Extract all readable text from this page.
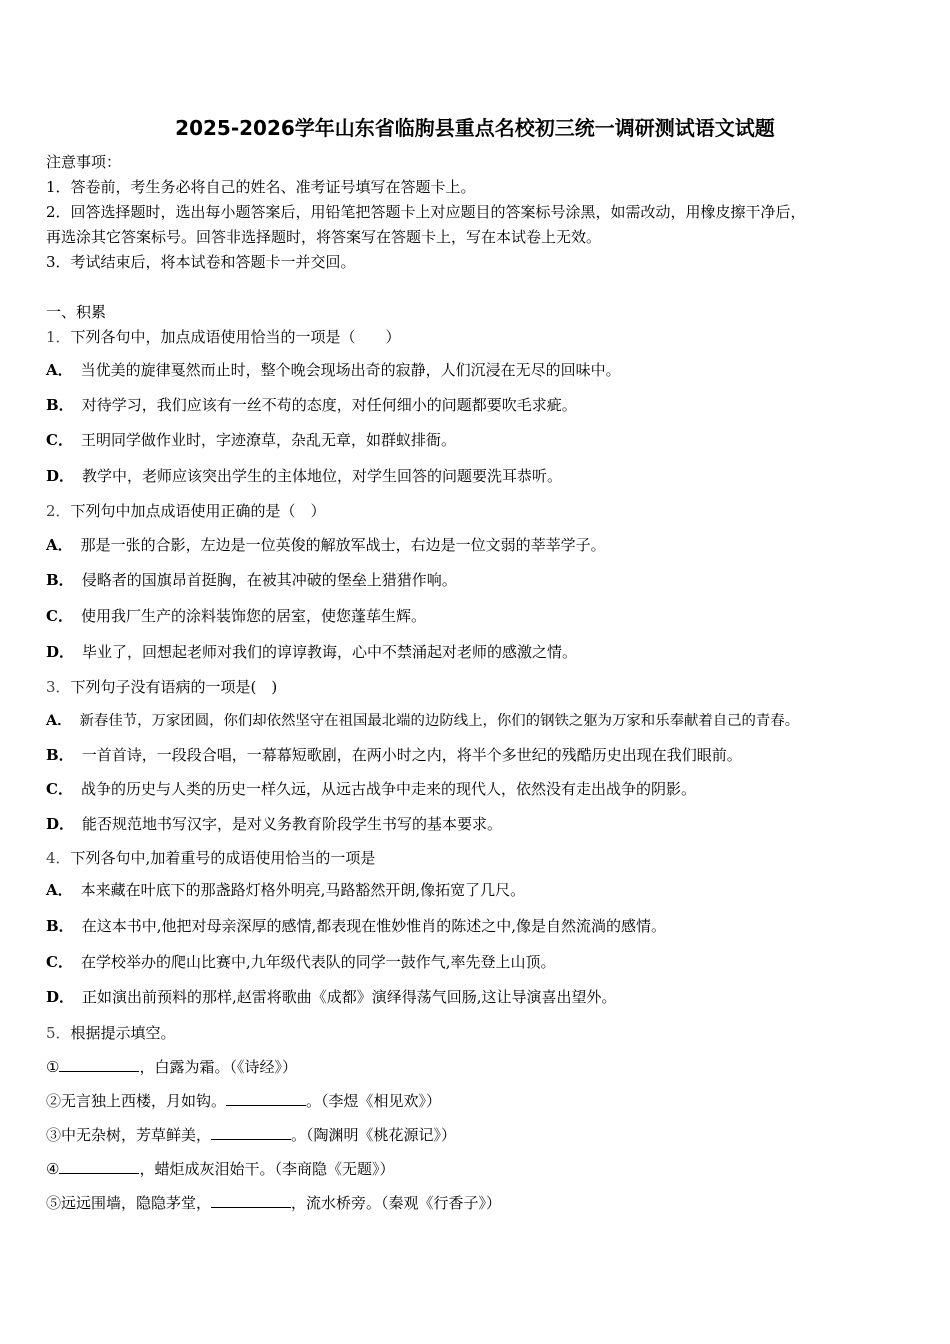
2025-2026学年山东省临朐县重点名校初三统一调研测试语文试题
注意事项：
1．答卷前，考生务必将自己的姓名、准考证号填写在答题卡上。
2．回答选择题时，选出每小题答案后，用铅笔把答题卡上对应题目的答案标号涂黑，如需改动，用橡皮擦干净后，
再选涂其它答案标号。回答非选择题时，将答案写在答题卡上，写在本试卷上无效。
3．考试结束后，将本试卷和答题卡一并交回。
一、积累
1．下列各句中，加点成语使用恰当的一项是（　　）
A． 当优美的旋律戛然而止时，整个晚会现场出奇的寂静，人们沉浸在无尽的回味中。
B． 对待学习，我们应该有一丝不苟的态度，对任何细小的问题都要吹毛求疵。
C． 王明同学做作业时，字迹潦草，杂乱无章，如群蚁排衙。
D． 教学中，老师应该突出学生的主体地位，对学生回答的问题要洗耳恭听。
2．下列句中加点成语使用正确的是（　）
A． 那是一张的合影，左边是一位英俊的解放军战士，右边是一位文弱的莘莘学子。
B． 侵略者的国旗昂首挺胸，在被其冲破的堡垒上猎猎作响。
C． 使用我厂生产的涂料装饰您的居室，使您蓬荜生辉。
D． 毕业了，回想起老师对我们的谆谆教诲，心中不禁涌起对老师的感激之情。
3．下列句子没有语病的一项是(　)
A． 新春佳节，万家团圆，你们却依然坚守在祖国最北端的边防线上，你们的钢铁之躯为万家和乐奉献着自己的青春。
B． 一首首诗，一段段合唱，一幕幕短歌剧，在两小时之内，将半个多世纪的残酷历史出现在我们眼前。
C． 战争的历史与人类的历史一样久远，从远古战争中走来的现代人，依然没有走出战争的阴影。
D． 能否规范地书写汉字，是对义务教育阶段学生书写的基本要求。
4．下列各句中,加着重号的成语使用恰当的一项是
A． 本来藏在叶底下的那盏路灯格外明亮,马路豁然开朗,像拓宽了几尺。
B． 在这本书中,他把对母亲深厚的感情,都表现在惟妙惟肖的陈述之中,像是自然流淌的感情。
C． 在学校举办的爬山比赛中,九年级代表队的同学一鼓作气,率先登上山顶。
D． 正如演出前预料的那样,赵雷将歌曲《成都》演绎得荡气回肠,这让导演喜出望外。
5．根据提示填空。
①	，白露为霜。（《诗经》）
②无言独上西楼，月如钩。	。（李煜《相见欢》）
③中无杂树，芳草鲜美，	。（陶渊明《桃花源记》）
④	，蜡炬成灰泪始干。（李商隐《无题》）
⑤远远围墙，隐隐茅堂，	，流水桥旁。（秦观《行香子》）
